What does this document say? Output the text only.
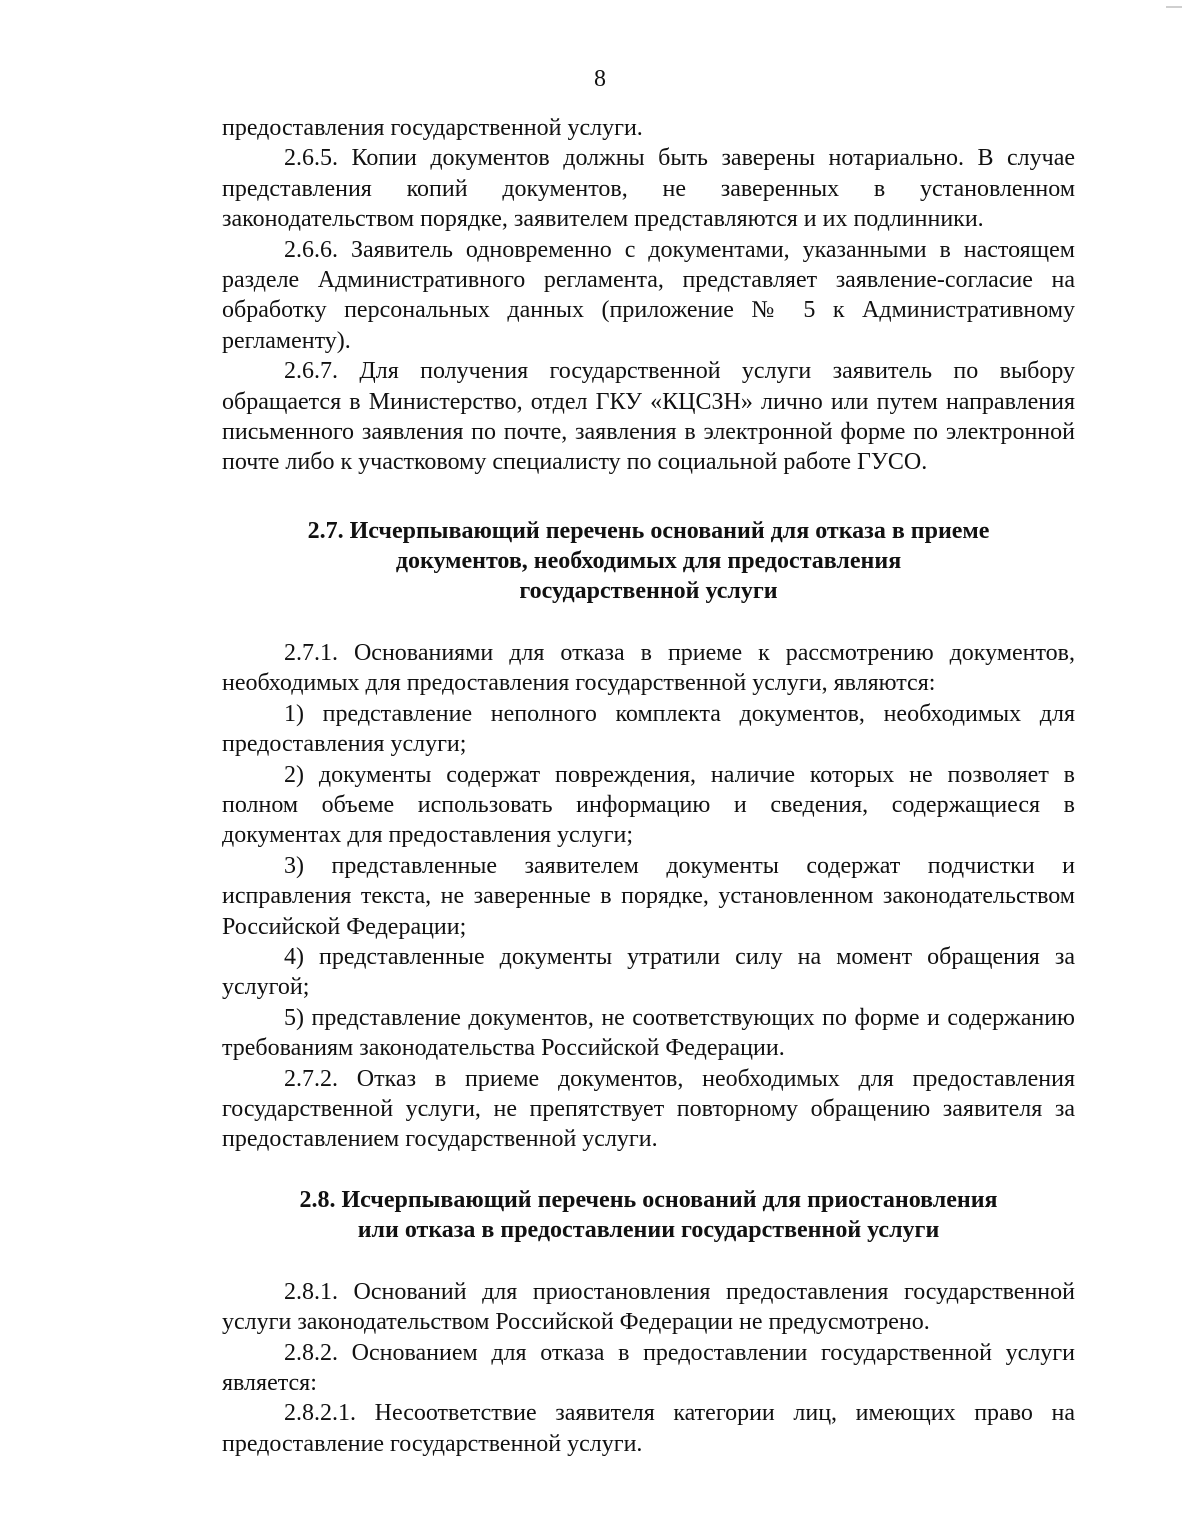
8

предоставления государственной услуги.

2.6.5. Копии документов должны быть заверены нотариально. В случае представления копий документов, не заверенных в установленном законодательством порядке, заявителем представляются и их подлинники.

2.6.6. Заявитель одновременно с документами, указанными в настоящем разделе Административного регламента, представляет заявление-согласие на обработку персональных данных (приложение № 5 к Административному регламенту).

2.6.7. Для получения государственной услуги заявитель по выбору обращается в Министерство, отдел ГКУ «КЦСЗН» лично или путем направления письменного заявления по почте, заявления в электронной форме по электронной почте либо к участковому специалисту по социальной работе ГУСО.

2.7. Исчерпывающий перечень оснований для отказа в приеме
документов, необходимых для предоставления
государственной услуги

2.7.1. Основаниями для отказа в приеме к рассмотрению документов, необходимых для предоставления государственной услуги, являются:

1) представление неполного комплекта документов, необходимых для предоставления услуги;

2) документы содержат повреждения, наличие которых не позволяет в полном объеме использовать информацию и сведения, содержащиеся в документах для предоставления услуги;

3) представленные заявителем документы содержат подчистки и исправления текста, не заверенные в порядке, установленном законодательством Российской Федерации;

4) представленные документы утратили силу на момент обращения за услугой;

5) представление документов, не соответствующих по форме и содержанию требованиям законодательства Российской Федерации.

2.7.2. Отказ в приеме документов, необходимых для предоставления государственной услуги, не препятствует повторному обращению заявителя за предоставлением государственной услуги.

2.8. Исчерпывающий перечень оснований для приостановления
или отказа в предоставлении государственной услуги

2.8.1. Оснований для приостановления предоставления государственной услуги законодательством Российской Федерации не предусмотрено.

2.8.2. Основанием для отказа в предоставлении государственной услуги является:

2.8.2.1. Несоответствие заявителя категории лиц, имеющих право на предоставление государственной услуги.
